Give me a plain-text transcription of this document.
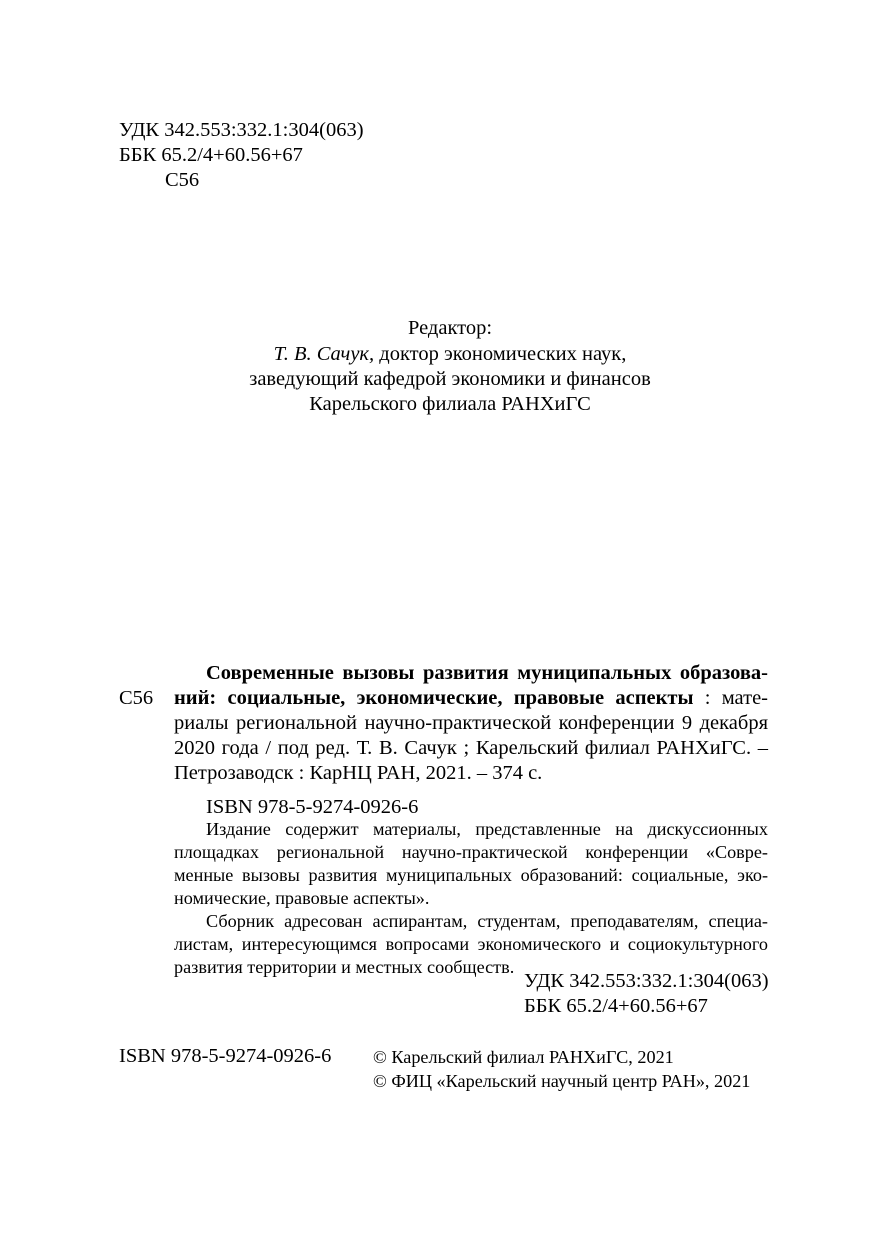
УДК 342.553:332.1:304(063)
ББК 65.2/4+60.56+67
С56
Редактор:
Т. В. Сачук, доктор экономических наук,
заведующий кафедрой экономики и финансов
Карельского филиала РАНХиГС
С56
Современные вызовы развития муниципальных образова-
ний: социальные, экономические, правовые аспекты : мате-
риалы региональной научно-практической конференции 9 декабря
2020 года / под ред. Т. В. Сачук ; Карельский филиал РАНХиГС. –
Петрозаводск : КарНЦ РАН, 2021. – 374 с.
ISBN 978-5-9274-0926-6
Издание содержит материалы, представленные на дискуссионных
площадках региональной научно-практической конференции «Совре-
менные вызовы развития муниципальных образований: социальные, эко-
номические, правовые аспекты».
Сборник адресован аспирантам, студентам, преподавателям, специа-
листам, интересующимся вопросами экономического и социокультурного
развития территории и местных сообществ.
УДК 342.553:332.1:304(063)
ББК 65.2/4+60.56+67
ISBN 978-5-9274-0926-6 © Карельский филиал РАНХиГС, 2021
© ФИЦ «Карельский научный центр РАН», 2021
